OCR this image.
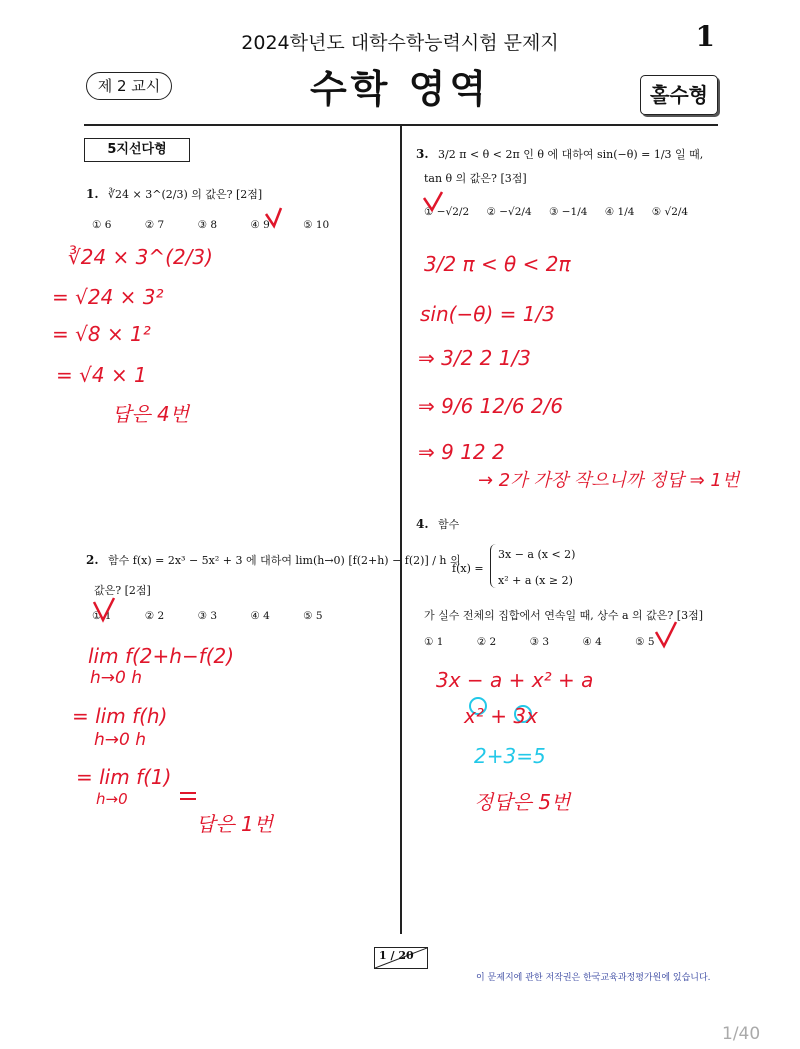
2024학년도 대학수학능력시험 문제지	1
제 2 교시	수학 영역	홀수형
5지선다형
1. ∛24 × 3^(2/3) 의 값은? [2점]
① 6	② 7	③ 8	④ 9	⑤ 10
2. 함수 f(x) = 2x³ − 5x² + 3 에 대하여 lim(h→0) [f(2+h) − f(2)] / h 의
값은? [2점]
① 1	② 2	③ 3	④ 4	⑤ 5
3. 3/2 π < θ < 2π 인 θ 에 대하여 sin(−θ) = 1/3 일 때,
tan θ 의 값은? [3점]
① −√2/2 ② −√2/4 ③ −1/4 ④ 1/4 ⑤ √2/4
4. 함수
f(x) =
3x − a (x < 2)
x² + a (x ≥ 2)
가 실수 전체의 집합에서 연속일 때, 상수 a 의 값은? [3점]
① 1	② 2	③ 3	④ 4	⑤ 5
∛24 × 3^(2/3)
= √24 × 3²
= √8 × 1²
= √4 × 1
답은 4번
lim f(2+h−f(2)
h→0 h
= lim f(h)
h→0 h
= lim f(1)
h→0
답은 1번
3/2 π < θ < 2π
sin(−θ) = 1/3
⇒ 3/2 2 1/3
⇒ 9/6 12/6 2/6
⇒ 9 12 2
→ 2가 가장 작으니까 정답 ⇒ 1번
3x − a + x² + a
x² + 3x
2+3=5
정답은 5번
1 / 20
이 문제지에 관한 저작권은 한국교육과정평가원에 있습니다.
1/40
